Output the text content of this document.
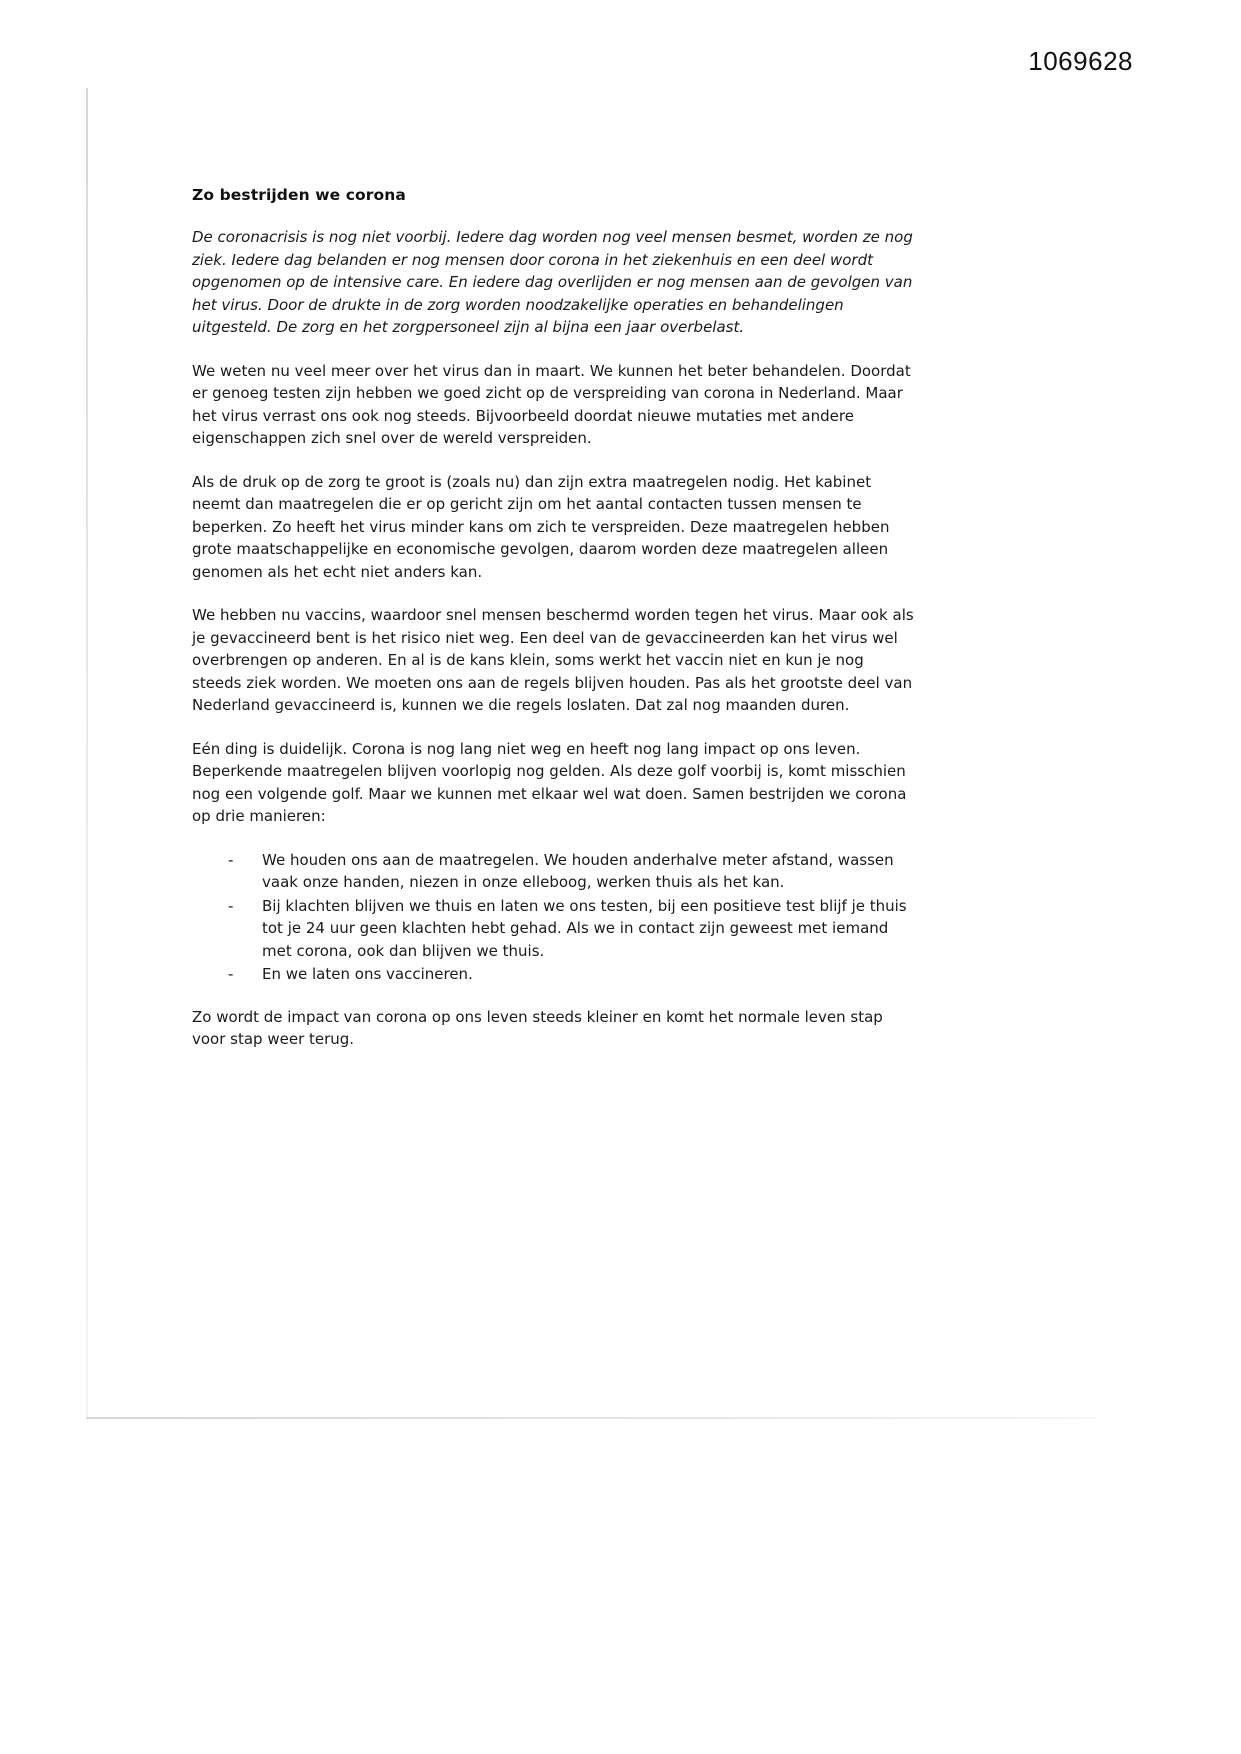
1069628
Zo bestrijden we corona

De coronacrisis is nog niet voorbij. Iedere dag worden nog veel mensen besmet, worden ze nog ziek. Iedere dag belanden er nog mensen door corona in het ziekenhuis en een deel wordt opgenomen op de intensive care. En iedere dag overlijden er nog mensen aan de gevolgen van het virus. Door de drukte in de zorg worden noodzakelijke operaties en behandelingen uitgesteld. De zorg en het zorgpersoneel zijn al bijna een jaar overbelast.

We weten nu veel meer over het virus dan in maart. We kunnen het beter behandelen. Doordat er genoeg testen zijn hebben we goed zicht op de verspreiding van corona in Nederland. Maar het virus verrast ons ook nog steeds. Bijvoorbeeld doordat nieuwe mutaties met andere eigenschappen zich snel over de wereld verspreiden.

Als de druk op de zorg te groot is (zoals nu) dan zijn extra maatregelen nodig. Het kabinet neemt dan maatregelen die er op gericht zijn om het aantal contacten tussen mensen te beperken. Zo heeft het virus minder kans om zich te verspreiden. Deze maatregelen hebben grote maatschappelijke en economische gevolgen, daarom worden deze maatregelen alleen genomen als het echt niet anders kan.

We hebben nu vaccins, waardoor snel mensen beschermd worden tegen het virus. Maar ook als je gevaccineerd bent is het risico niet weg. Een deel van de gevaccineerden kan het virus wel overbrengen op anderen. En al is de kans klein, soms werkt het vaccin niet en kun je nog steeds ziek worden. We moeten ons aan de regels blijven houden. Pas als het grootste deel van Nederland gevaccineerd is, kunnen we die regels loslaten. Dat zal nog maanden duren.

Eén ding is duidelijk. Corona is nog lang niet weg en heeft nog lang impact op ons leven. Beperkende maatregelen blijven voorlopig nog gelden. Als deze golf voorbij is, komt misschien nog een volgende golf. Maar we kunnen met elkaar wel wat doen. Samen bestrijden we corona op drie manieren:

- We houden ons aan de maatregelen. We houden anderhalve meter afstand, wassen vaak onze handen, niezen in onze elleboog, werken thuis als het kan.
- Bij klachten blijven we thuis en laten we ons testen, bij een positieve test blijf je thuis tot je 24 uur geen klachten hebt gehad. Als we in contact zijn geweest met iemand met corona, ook dan blijven we thuis.
- En we laten ons vaccineren.

Zo wordt de impact van corona op ons leven steeds kleiner en komt het normale leven stap voor stap weer terug.
